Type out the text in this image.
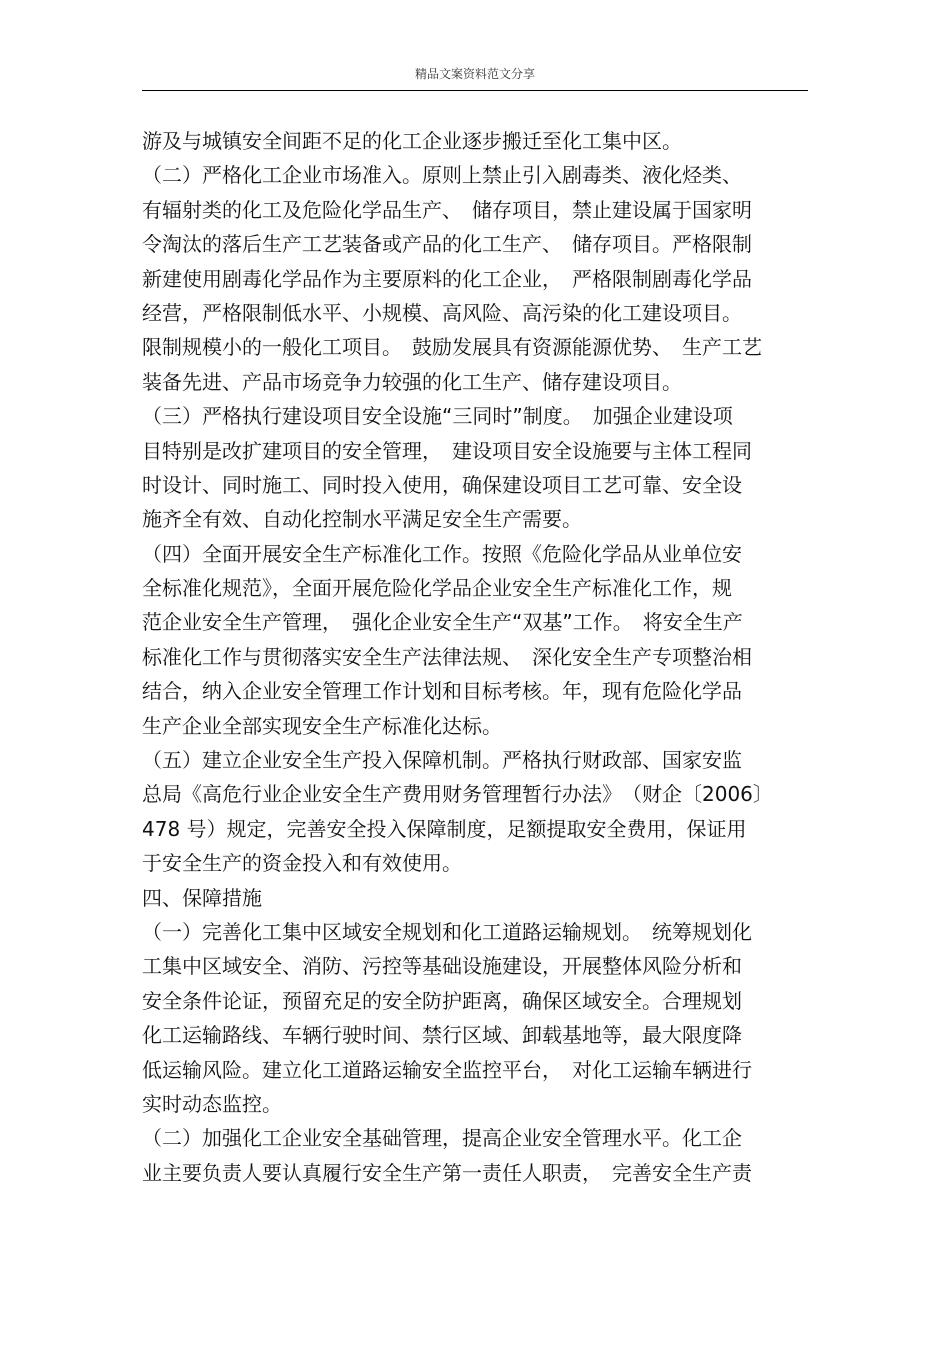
精品文案资料范文分享
游及与城镇安全间距不足的化工企业逐步搬迁至化工集中区。
（二）严格化工企业市场准入。原则上禁止引入剧毒类、液化烃类、
有辐射类的化工及危险化学品生产、　储存项目，禁止建设属于国家明
令淘汰的落后生产工艺装备或产品的化工生产、　储存项目。严格限制
新建使用剧毒化学品作为主要原料的化工企业，　严格限制剧毒化学品
经营，严格限制低水平、小规模、高风险、高污染的化工建设项目。
限制规模小的一般化工项目。　鼓励发展具有资源能源优势、　生产工艺
装备先进、产品市场竞争力较强的化工生产、储存建设项目。
（三）严格执行建设项目安全设施“三同时”制度。　加强企业建设项
目特别是改扩建项目的安全管理，　建设项目安全设施要与主体工程同
时设计、同时施工、同时投入使用，确保建设项目工艺可靠、安全设
施齐全有效、自动化控制水平满足安全生产需要。
（四）全面开展安全生产标准化工作。按照《危险化学品从业单位安
全标准化规范》，全面开展危险化学品企业安全生产标准化工作，规
范企业安全生产管理，　强化企业安全生产“双基”工作。　将安全生产
标准化工作与贯彻落实安全生产法律法规、　深化安全生产专项整治相
结合，纳入企业安全管理工作计划和目标考核。年，现有危险化学品
生产企业全部实现安全生产标准化达标。
（五）建立企业安全生产投入保障机制。严格执行财政部、国家安监
总局《高危行业企业安全生产费用财务管理暂行办法》　（财企〔2006〕
478 号）规定，完善安全投入保障制度，足额提取安全费用，保证用
于安全生产的资金投入和有效使用。
四、保障措施
（一）完善化工集中区域安全规划和化工道路运输规划。　统筹规划化
工集中区域安全、消防、污控等基础设施建设，开展整体风险分析和
安全条件论证，预留充足的安全防护距离，确保区域安全。合理规划
化工运输路线、车辆行驶时间、禁行区域、卸载基地等，最大限度降
低运输风险。建立化工道路运输安全监控平台，　对化工运输车辆进行
实时动态监控。
（二）加强化工企业安全基础管理，提高企业安全管理水平。化工企
业主要负责人要认真履行安全生产第一责任人职责，　完善安全生产责
